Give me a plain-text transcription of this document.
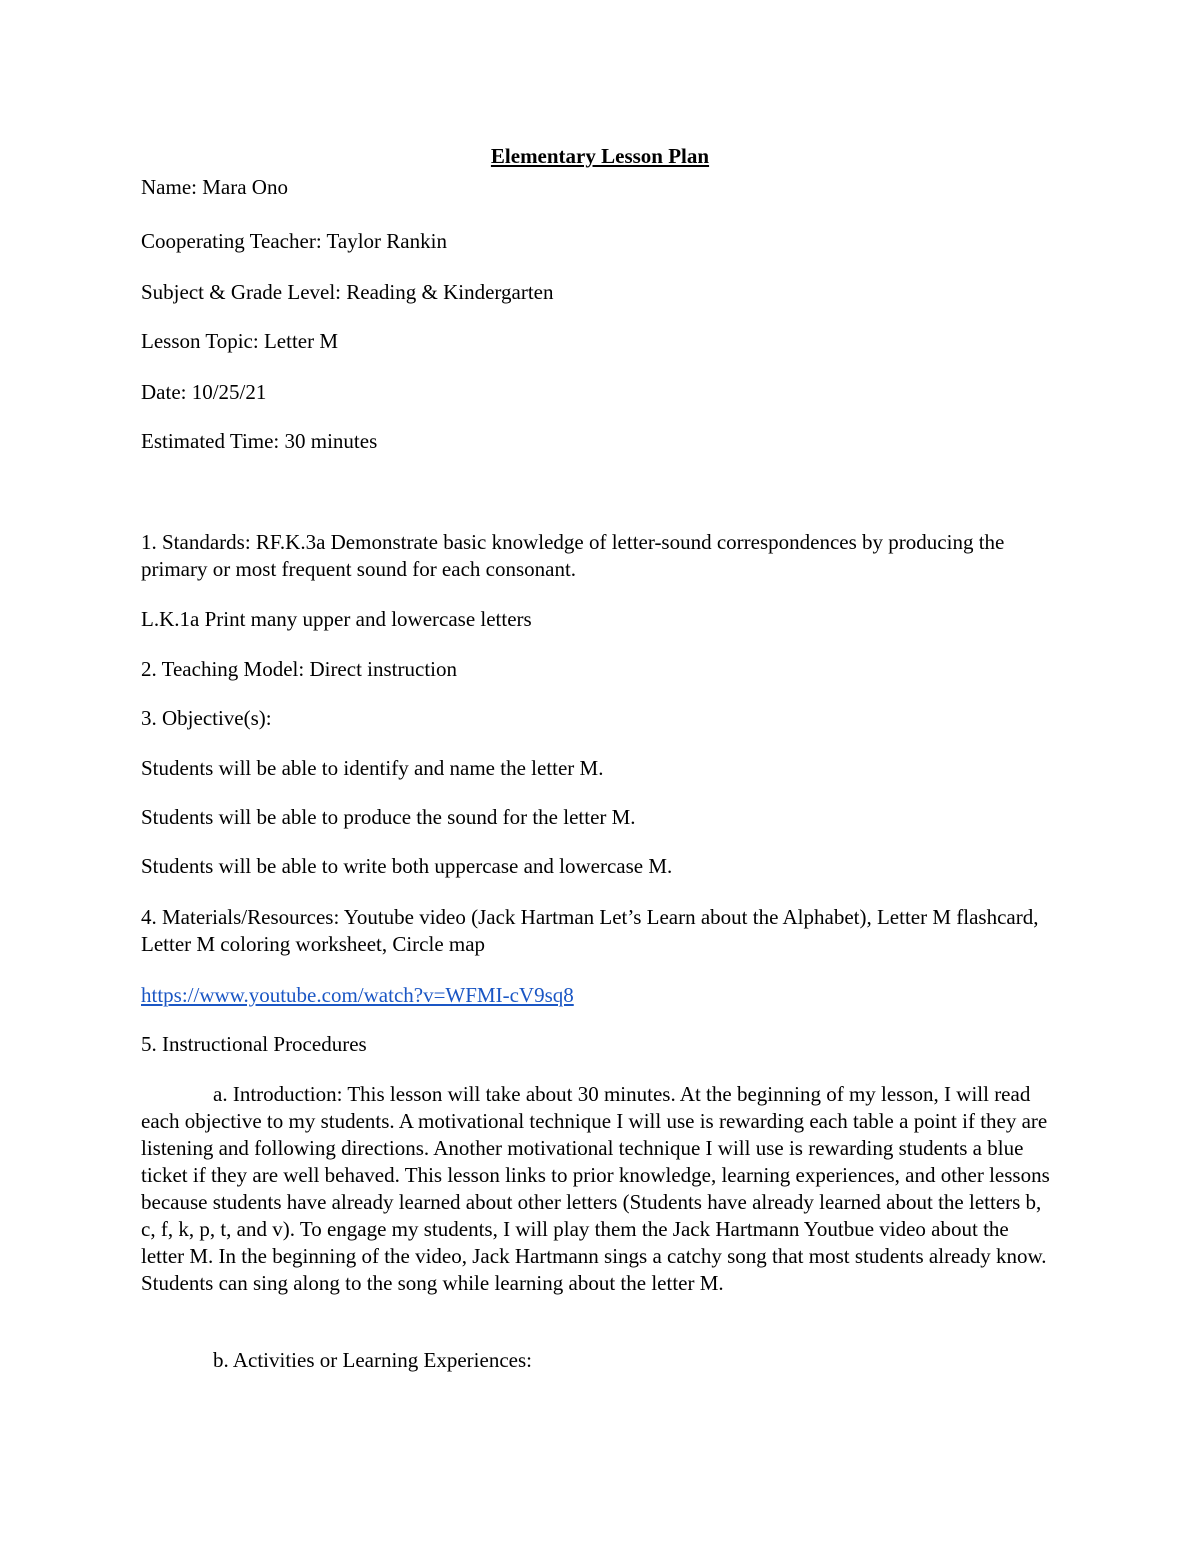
Elementary Lesson Plan

Name: Mara Ono

Cooperating Teacher: Taylor Rankin

Subject & Grade Level: Reading & Kindergarten

Lesson Topic: Letter M

Date: 10/25/21

Estimated Time: 30 minutes

1. Standards: RF.K.3a Demonstrate basic knowledge of letter-sound correspondences by producing the primary or most frequent sound for each consonant.

L.K.1a Print many upper and lowercase letters

2. Teaching Model: Direct instruction

3. Objective(s):

Students will be able to identify and name the letter M.

Students will be able to produce the sound for the letter M.

Students will be able to write both uppercase and lowercase M.

4. Materials/Resources: Youtube video (Jack Hartman Let’s Learn about the Alphabet), Letter M flashcard, Letter M coloring worksheet, Circle map

https://www.youtube.com/watch?v=WFMI-cV9sq8

5. Instructional Procedures

a. Introduction: This lesson will take about 30 minutes. At the beginning of my lesson, I will read each objective to my students. A motivational technique I will use is rewarding each table a point if they are listening and following directions. Another motivational technique I will use is rewarding students a blue ticket if they are well behaved. This lesson links to prior knowledge, learning experiences, and other lessons because students have already learned about other letters (Students have already learned about the letters b, c, f, k, p, t, and v). To engage my students, I will play them the Jack Hartmann Youtbue video about the letter M. In the beginning of the video, Jack Hartmann sings a catchy song that most students already know. Students can sing along to the song while learning about the letter M.

b. Activities or Learning Experiences:
